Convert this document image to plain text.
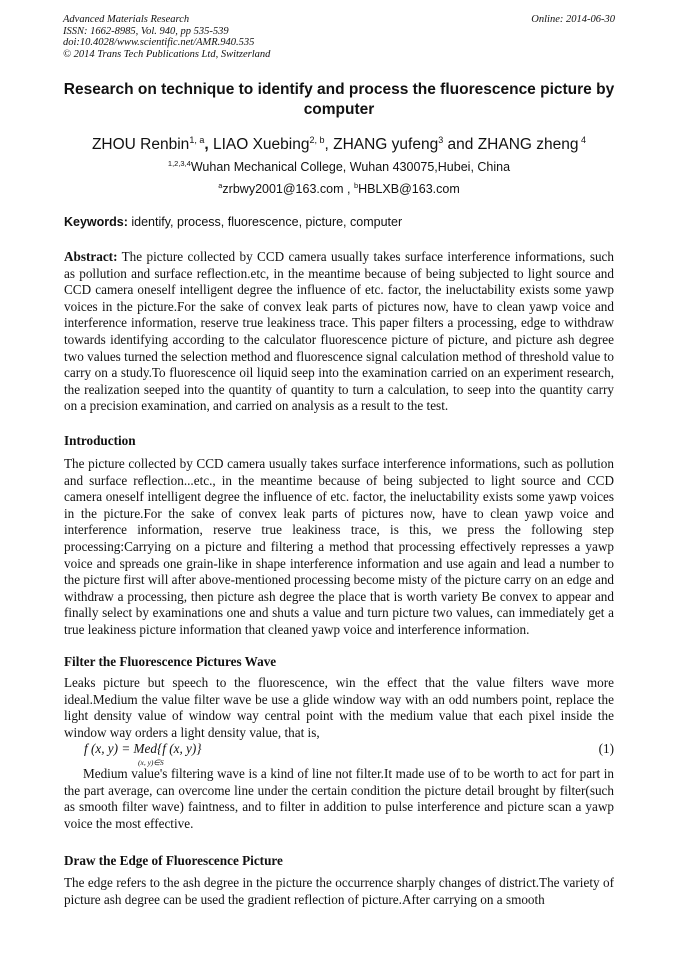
Advanced Materials Research
ISSN: 1662-8985, Vol. 940, pp 535-539
doi:10.4028/www.scientific.net/AMR.940.535
© 2014 Trans Tech Publications Ltd, Switzerland
Online: 2014-06-30
Research on technique to identify and process the fluorescence picture by computer
ZHOU Renbin$^{1, a}$, LIAO Xuebing$^{2, b}$, ZHANG yufeng$^3$ and ZHANG zheng $^4$
$^{1,2,3,4}$Wuhan Mechanical College, Wuhan 430075,Hubei, China
$^a$zrbwy2001@163.com , $^b$HBLXB@163.com
Keywords: identify, process, fluorescence, picture, computer
Abstract: The picture collected by CCD camera usually takes surface interference informations, such as pollution and surface reflection.etc, in the meantime because of being subjected to light source and CCD camera oneself intelligent degree the influence of etc. factor, the ineluctability exists some yawp voices in the picture.For the sake of convex leak parts of pictures now, have to clean yawp voice and interference information, reserve true leakiness trace. This paper filters a processing, edge to withdraw towards identifying according to the calculator fluorescence picture of picture, and picture ash degree two values turned the selection method and fluorescence signal calculation method of threshold value to carry on a study.To fluorescence oil liquid seep into the examination carried on an experiment research, the realization seeped into the quantity of quantity to turn a calculation, to seep into the quantity carry on a precision examination, and carried on analysis as a result to the test.
Introduction
The picture collected by CCD camera usually takes surface interference informations, such as pollution and surface reflection...etc., in the meantime because of being subjected to light source and CCD camera oneself intelligent degree the influence of etc. factor, the ineluctability exists some yawp voices in the picture.For the sake of convex leak parts of pictures now, have to clean yawp voice and interference information, reserve true leakiness trace, is this, we press the following step processing:Carrying on a picture and filtering a method that processing effectively represses a yawp voice and spreads one grain-like in shape interference information and use again and lead a number to the picture first will after above-mentioned processing become misty of the picture carry on an edge and withdraw a processing, then picture ash degree the place that is worth variety Be convex to appear and finally select by examinations one and shuts a value and turn picture two values, can immediately get a true leakiness picture information that cleaned yawp voice and interference information.
Filter the Fluorescence Pictures Wave
Leaks picture but speech to the fluorescence, win the effect that the value filters wave more ideal.Medium the value filter wave be use a glide window way with an odd numbers point, replace the light density value of window way central point with the medium value that each pixel inside the window way orders a light density value, that is,
f (x, y) = Med{f (x, y)}
(x, y)∈S
(1)
Medium value's filtering wave is a kind of line not filter.It made use of to be worth to act for part in the part average, can overcome line under the certain condition the picture detail brought by filter(such as smooth filter wave) faintness, and to filter in addition to pulse interference and picture scan a yawp voice the most effective.
Draw the Edge of Fluorescence Picture
The edge refers to the ash degree in the picture the occurrence sharply changes of district.The variety of picture ash degree can be used the gradient reflection of picture.After carrying on a smooth
